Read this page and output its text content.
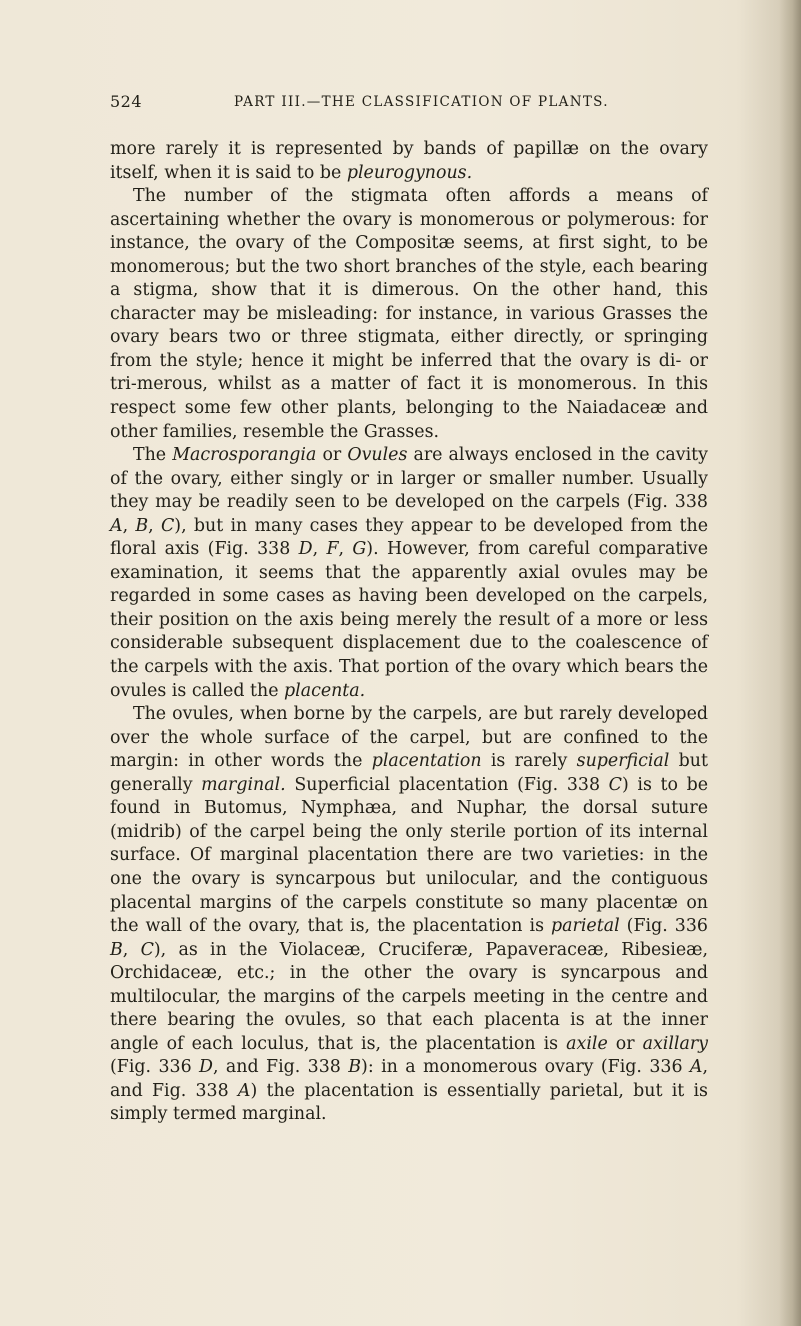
524	PART III.—THE CLASSIFICATION OF PLANTS.

more rarely it is represented by bands of papillæ on the ovary itself, when it is said to be pleurogynous.

The number of the stigmata often affords a means of ascertaining whether the ovary is monomerous or polymerous: for instance, the ovary of the Compositæ seems, at first sight, to be monomerous; but the two short branches of the style, each bearing a stigma, show that it is dimerous. On the other hand, this character may be misleading: for instance, in various Grasses the ovary bears two or three stigmata, either directly, or springing from the style; hence it might be inferred that the ovary is di- or tri-merous, whilst as a matter of fact it is monomerous. In this respect some few other plants, belonging to the Naiadaceæ and other families, resemble the Grasses.

The Macrosporangia or Ovules are always enclosed in the cavity of the ovary, either singly or in larger or smaller number. Usually they may be readily seen to be developed on the carpels (Fig. 338 A, B, C), but in many cases they appear to be developed from the floral axis (Fig. 338 D, F, G). However, from careful comparative examination, it seems that the apparently axial ovules may be regarded in some cases as having been developed on the carpels, their position on the axis being merely the result of a more or less considerable subsequent displacement due to the coalescence of the carpels with the axis. That portion of the ovary which bears the ovules is called the placenta.

The ovules, when borne by the carpels, are but rarely developed over the whole surface of the carpel, but are confined to the margin: in other words the placentation is rarely superficial but generally marginal. Superficial placentation (Fig. 338 C) is to be found in Butomus, Nymphæa, and Nuphar, the dorsal suture (midrib) of the carpel being the only sterile portion of its internal surface. Of marginal placentation there are two varieties: in the one the ovary is syncarpous but unilocular, and the contiguous placental margins of the carpels constitute so many placentæ on the wall of the ovary, that is, the placentation is parietal (Fig. 336 B, C), as in the Violaceæ, Cruciferæ, Papaveraceæ, Ribesieæ, Orchidaceæ, etc.; in the other the ovary is syncarpous and multilocular, the margins of the carpels meeting in the centre and there bearing the ovules, so that each placenta is at the inner angle of each loculus, that is, the placentation is axile or axillary (Fig. 336 D, and Fig. 338 B): in a monomerous ovary (Fig. 336 A, and Fig. 338 A) the placentation is essentially parietal, but it is simply termed marginal.
